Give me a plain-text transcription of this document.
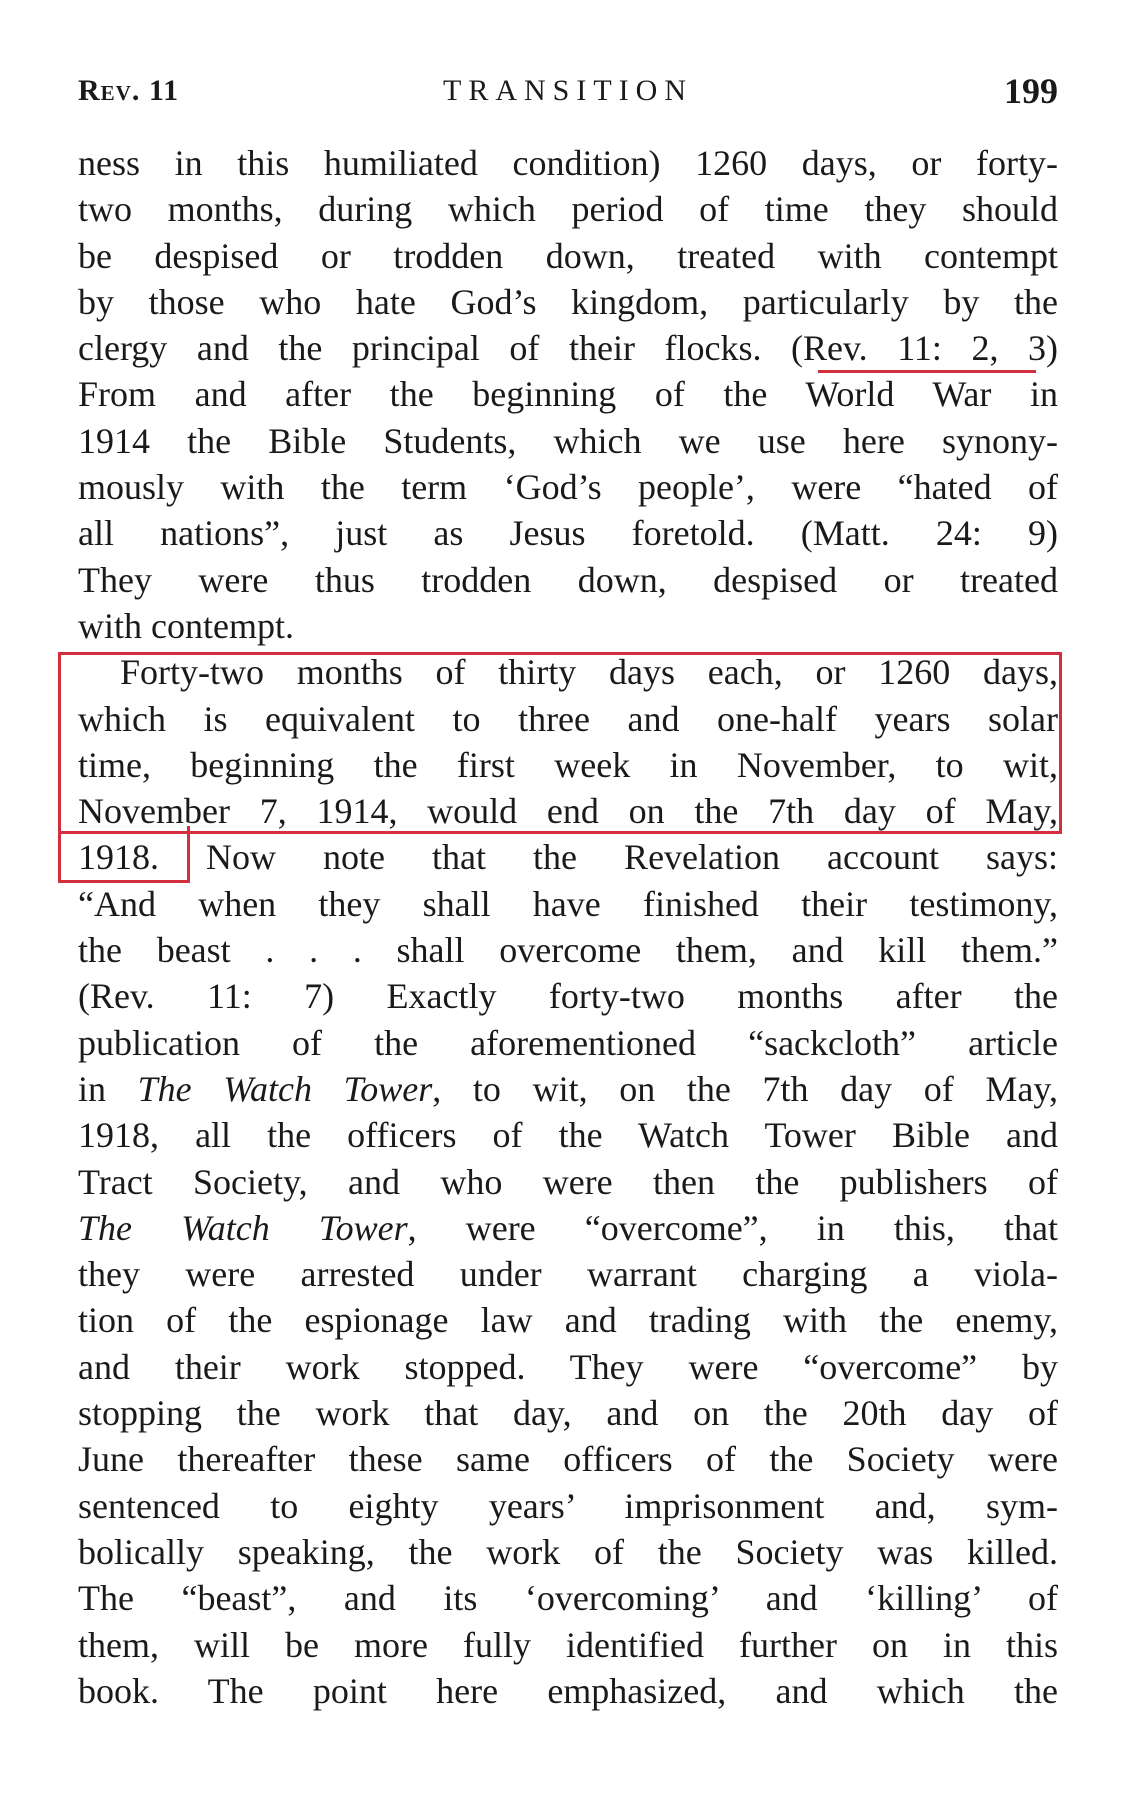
Rev. 11	TRANSITION	199
ness in this humiliated condition) 1260 days, or forty-
two months, during which period of time they should
be despised or trodden down, treated with contempt
by those who hate God’s kingdom, particularly by the
clergy and the principal of their flocks. (Rev. 11: 2, 3)
From and after the beginning of the World War in
1914 the Bible Students, which we use here synony-
mously with the term ‘God’s people’, were “hated of
all nations”, just as Jesus foretold. (Matt. 24: 9)
They were thus trodden down, despised or treated
with contempt.
Forty-two months of thirty days each, or 1260 days,
which is equivalent to three and one-half years solar
time, beginning the first week in November, to wit,
November 7, 1914, would end on the 7th day of May,
1918. Now note that the Revelation account says:
“And when they shall have finished their testimony,
the beast . . . shall overcome them, and kill them.”
(Rev. 11: 7) Exactly forty-two months after the
publication of the aforementioned “sackcloth” article
in The Watch Tower, to wit, on the 7th day of May,
1918, all the officers of the Watch Tower Bible and
Tract Society, and who were then the publishers of
The Watch Tower, were “overcome”, in this, that
they were arrested under warrant charging a viola-
tion of the espionage law and trading with the enemy,
and their work stopped. They were “overcome” by
stopping the work that day, and on the 20th day of
June thereafter these same officers of the Society were
sentenced to eighty years’ imprisonment and, sym-
bolically speaking, the work of the Society was killed.
The “beast”, and its ‘overcoming’ and ‘killing’ of
them, will be more fully identified further on in this
book. The point here emphasized, and which the
